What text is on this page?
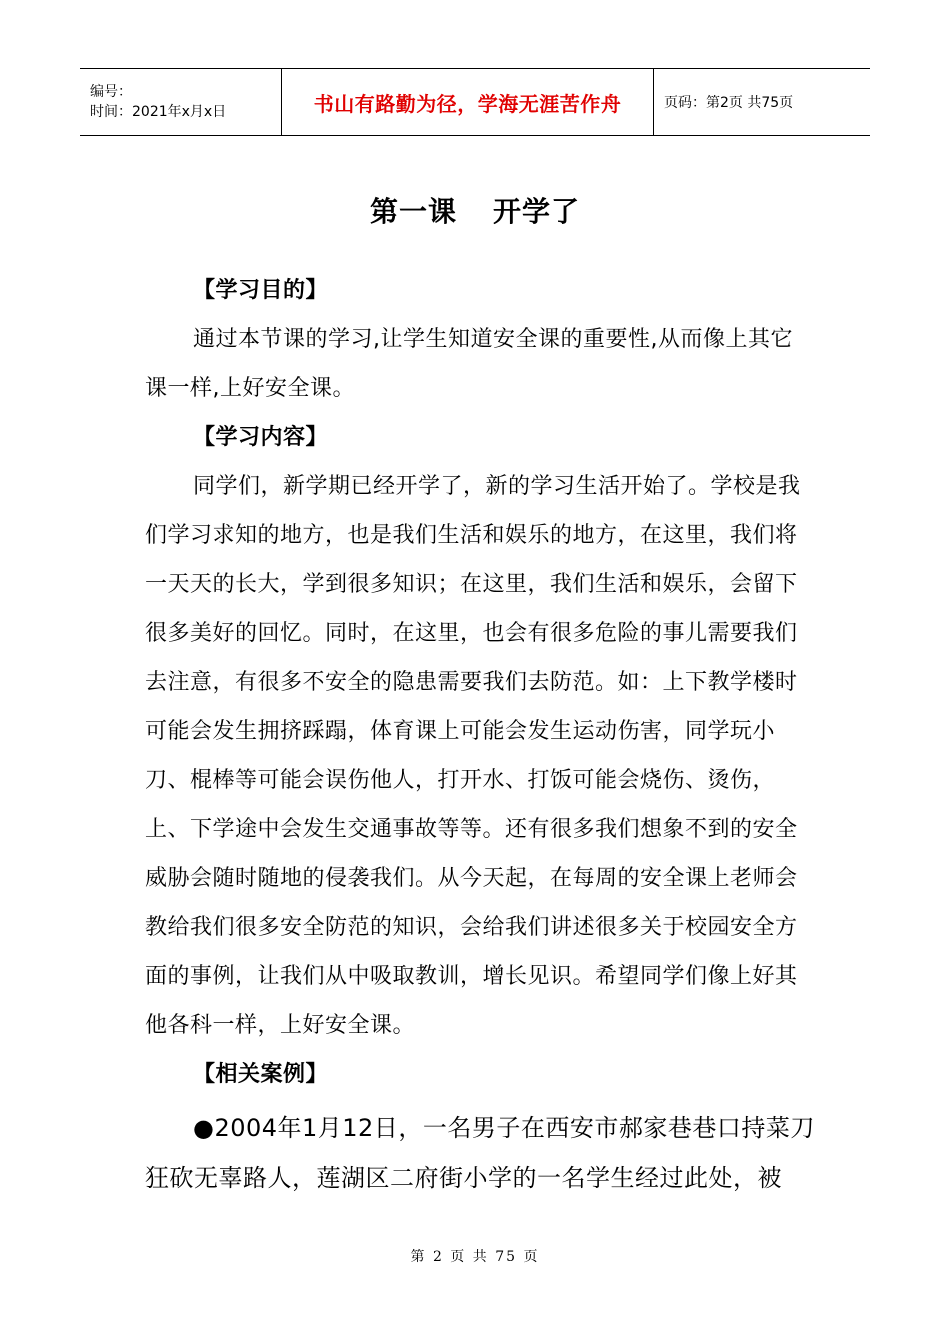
编号：
时间：2021年x月x日	书山有路勤为径，学海无涯苦作舟	页码：第2页 共75页
第一课 开学了

【学习目的】

通过本节课的学习,让学生知道安全课的重要性,从而像上其它课一样,上好安全课。

【学习内容】

同学们，新学期已经开学了，新的学习生活开始了。学校是我们学习求知的地方，也是我们生活和娱乐的地方，在这里，我们将一天天的长大，学到很多知识；在这里，我们生活和娱乐，会留下很多美好的回忆。同时，在这里，也会有很多危险的事儿需要我们去注意，有很多不安全的隐患需要我们去防范。如：上下教学楼时可能会发生拥挤踩蹋，体育课上可能会发生运动伤害，同学玩小刀、棍棒等可能会误伤他人，打开水、打饭可能会烧伤、烫伤，上、下学途中会发生交通事故等等。还有很多我们想象不到的安全威胁会随时随地的侵袭我们。从今天起，在每周的安全课上老师会教给我们很多安全防范的知识，会给我们讲述很多关于校园安全方面的事例，让我们从中吸取教训，增长见识。希望同学们像上好其他各科一样，上好安全课。

【相关案例】

●2004年1月12日，一名男子在西安市郝家巷巷口持菜刀狂砍无辜路人，莲湖区二府街小学的一名学生经过此处，被

第 2 页 共 75 页
